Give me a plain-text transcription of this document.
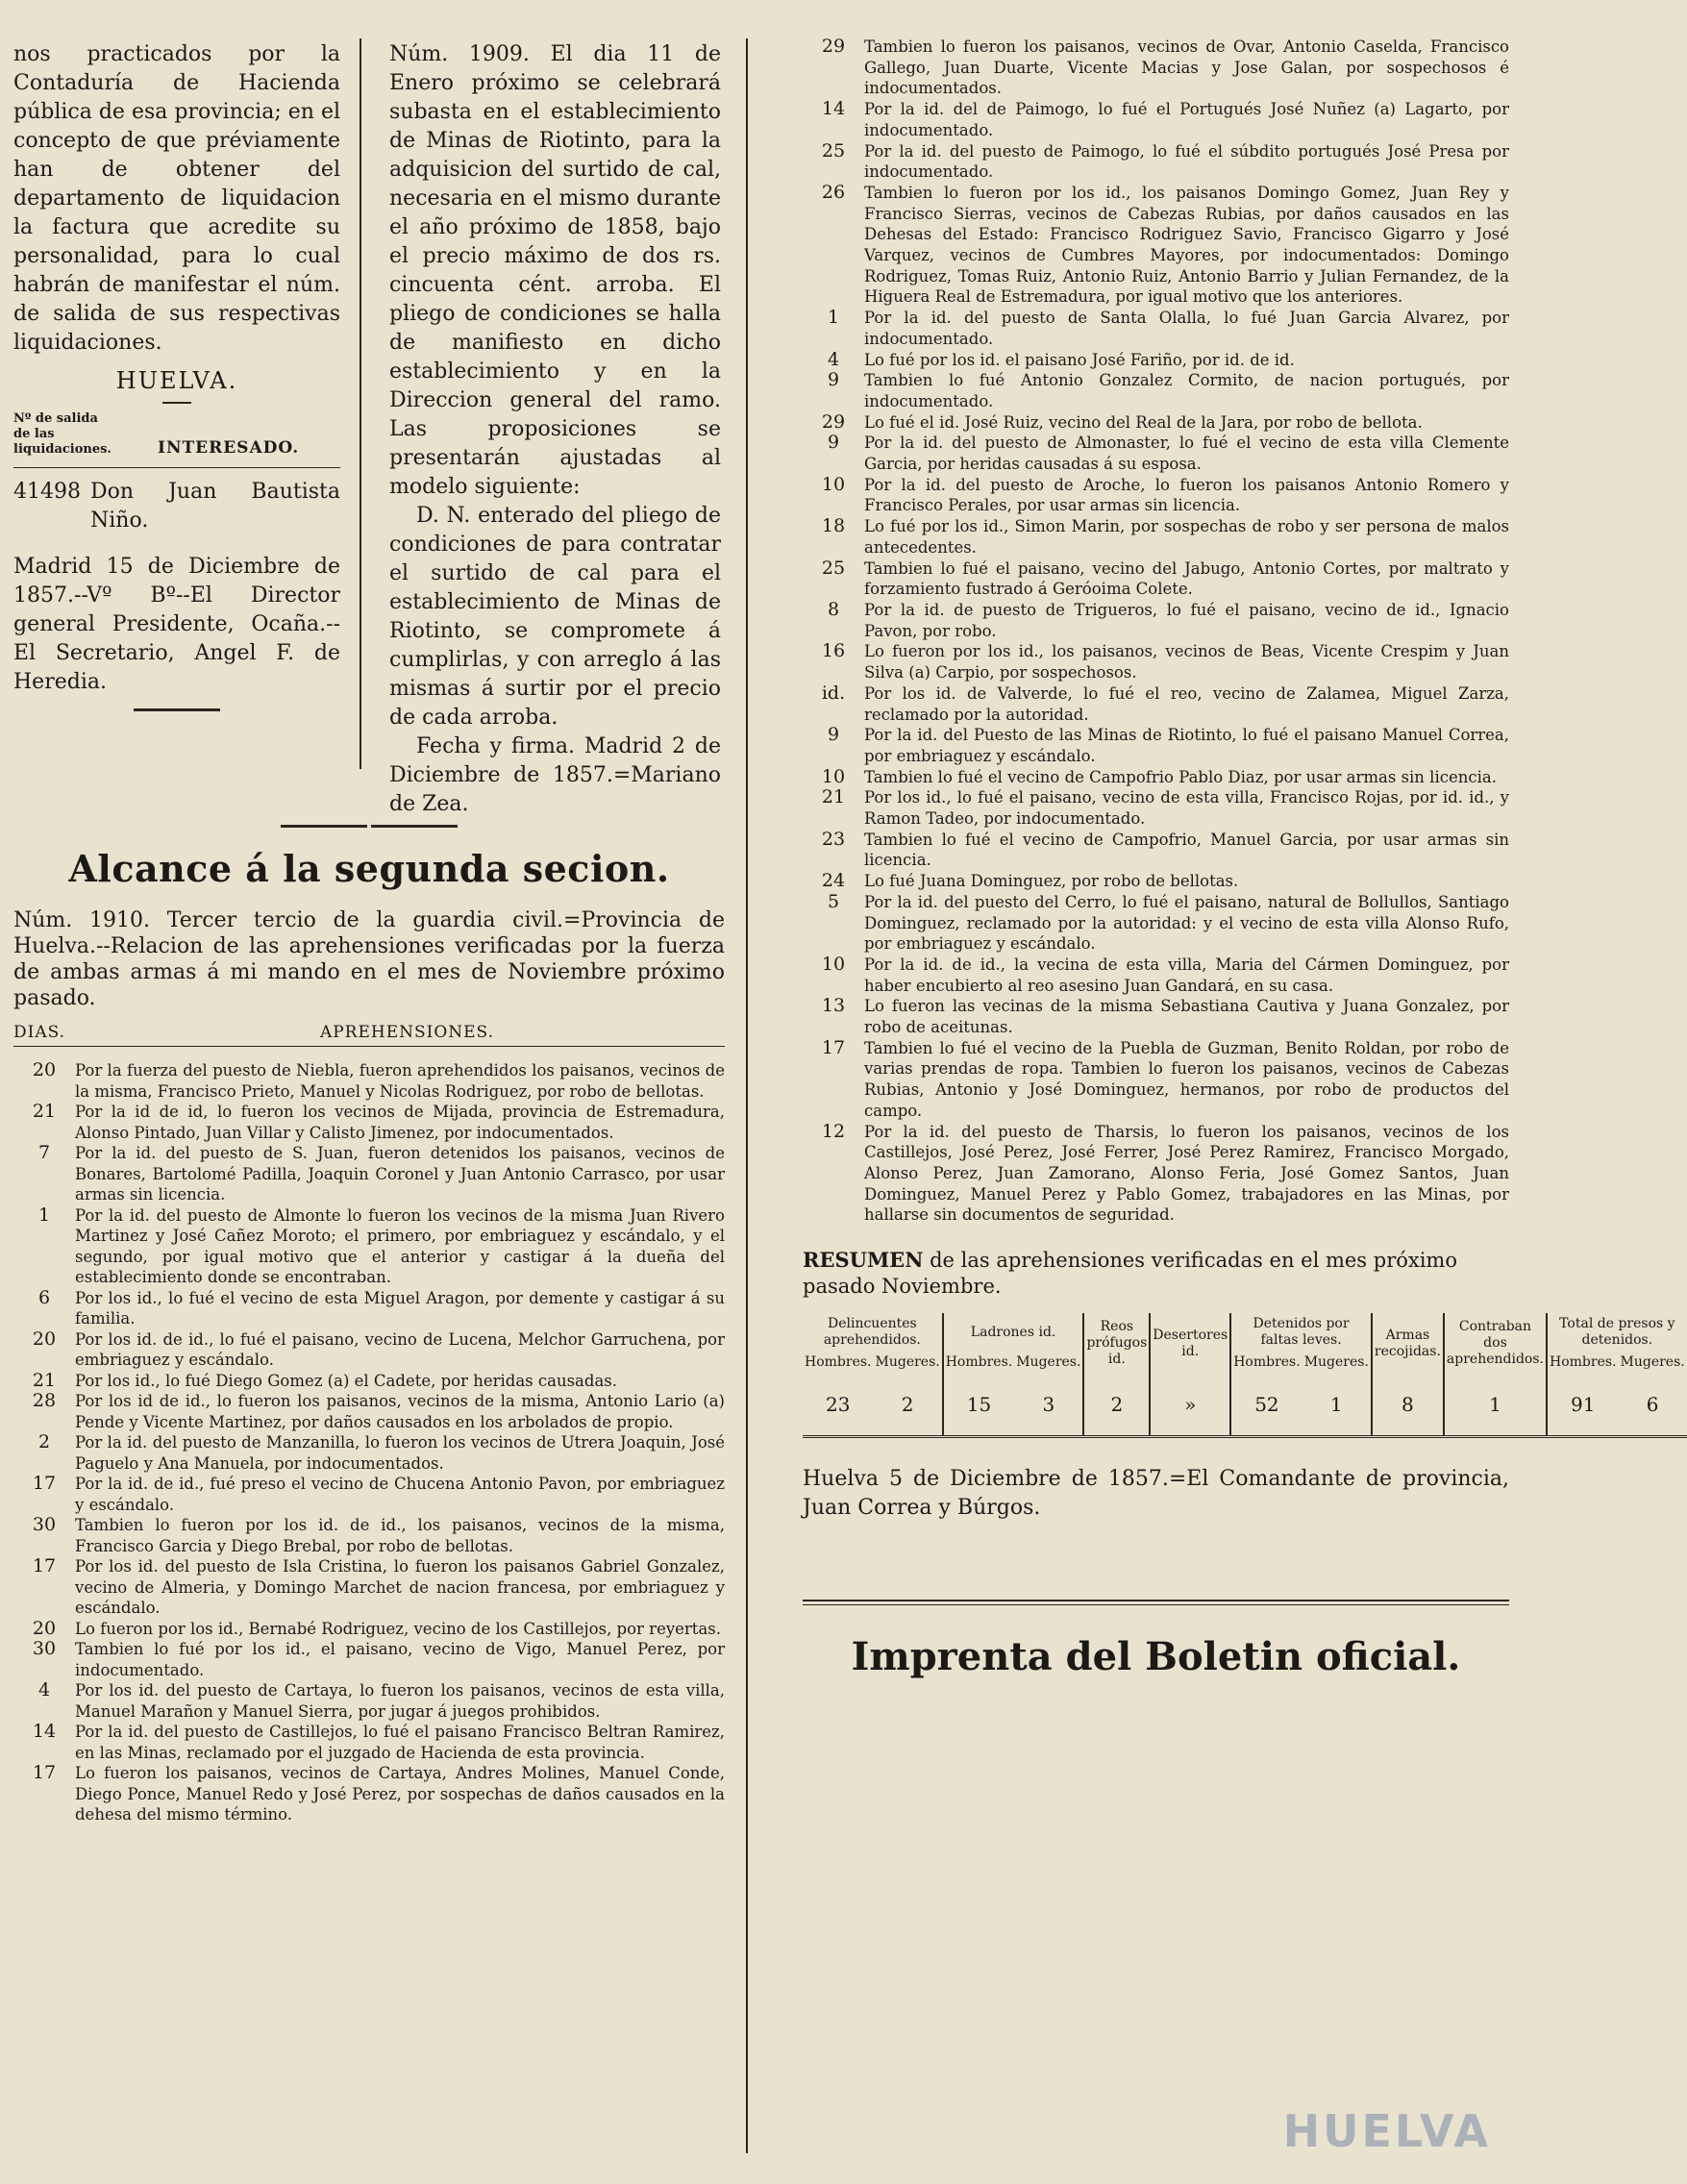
nos practicados por la Contaduría de Hacienda pública de esa provincia; en el concepto de que préviamente han de obtener del departamento de liquidacion la factura que acredite su personalidad, para lo cual habrán de manifestar el núm. de salida de sus respectivas liquidaciones.
HUELVA.
Nº de salida de las liquidaciones.	INTERESADO.
41498 Don Juan Bautista Niño.
Madrid 15 de Diciembre de 1857.--Vº Bº--El Director general Presidente, Ocaña.--El Secretario, Angel F. de Heredia.
Núm. 1909. El dia 11 de Enero próximo se celebrará subasta en el establecimiento de Minas de Riotinto, para la adquisicion del surtido de cal, necesaria en el mismo durante el año próximo de 1858, bajo el precio máximo de dos rs. cincuenta cént. arroba. El pliego de condiciones se halla de manifiesto en dicho establecimiento y en la Direccion general del ramo. Las proposiciones se presentarán ajustadas al modelo siguiente:
D. N. enterado del pliego de condiciones de para contratar el surtido de cal para el establecimiento de Minas de Riotinto, se compromete á cumplirlas, y con arreglo á las mismas á surtir por el precio de cada arroba.
Fecha y firma. Madrid 2 de Diciembre de 1857.=Mariano de Zea.
Alcance á la segunda secion.
Núm. 1910. Tercer tercio de la guardia civil.=Provincia de Huelva.--Relacion de las aprehensiones verificadas por la fuerza de ambas armas á mi mando en el mes de Noviembre próximo pasado.
DIAS.	APREHENSIONES.
20	Por la fuerza del puesto de Niebla, fueron aprehendidos los paisanos, vecinos de la misma, Francisco Prieto, Manuel y Nicolas Rodriguez, por robo de bellotas.
21	Por la id de id, lo fueron los vecinos de Mijada, provincia de Estremadura, Alonso Pintado, Juan Villar y Calisto Jimenez, por indocumentados.
7	Por la id. del puesto de S. Juan, fueron detenidos los paisanos, vecinos de Bonares, Bartolomé Padilla, Joaquin Coronel y Juan Antonio Carrasco, por usar armas sin licencia.
1	Por la id. del puesto de Almonte lo fueron los vecinos de la misma Juan Rivero Martinez y José Cañez Moroto; el primero, por embriaguez y escándalo, y el segundo, por igual motivo que el anterior y castigar á la dueña del establecimiento donde se encontraban.
6	Por los id., lo fué el vecino de esta Miguel Aragon, por demente y castigar á su familia.
20	Por los id. de id., lo fué el paisano, vecino de Lucena, Melchor Garruchena, por embriaguez y escándalo.
21	Por los id., lo fué Diego Gomez (a) el Cadete, por heridas causadas.
28	Por los id de id., lo fueron los paisanos, vecinos de la misma, Antonio Lario (a) Pende y Vicente Martinez, por daños causados en los arbolados de propio.
2	Por la id. del puesto de Manzanilla, lo fueron los vecinos de Utrera Joaquin, José Paguelo y Ana Manuela, por indocumentados.
17	Por la id. de id., fué preso el vecino de Chucena Antonio Pavon, por embriaguez y escándalo.
30	Tambien lo fueron por los id. de id., los paisanos, vecinos de la misma, Francisco Garcia y Diego Brebal, por robo de bellotas.
17	Por los id. del puesto de Isla Cristina, lo fueron los paisanos Gabriel Gonzalez, vecino de Almeria, y Domingo Marchet de nacion francesa, por embriaguez y escándalo.
20	Lo fueron por los id., Bernabé Rodriguez, vecino de los Castillejos, por reyertas.
30	Tambien lo fué por los id., el paisano, vecino de Vigo, Manuel Perez, por indocumentado.
4	Por los id. del puesto de Cartaya, lo fueron los paisanos, vecinos de esta villa, Manuel Marañon y Manuel Sierra, por jugar á juegos prohibidos.
14	Por la id. del puesto de Castillejos, lo fué el paisano Francisco Beltran Ramirez, en las Minas, reclamado por el juzgado de Hacienda de esta provincia.
17	Lo fueron los paisanos, vecinos de Cartaya, Andres Molines, Manuel Conde, Diego Ponce, Manuel Redo y José Perez, por sospechas de daños causados en la dehesa del mismo término.
29	Tambien lo fueron los paisanos, vecinos de Ovar, Antonio Caselda, Francisco Gallego, Juan Duarte, Vicente Macias y Jose Galan, por sospechosos é indocumentados.
14	Por la id. del de Paimogo, lo fué el Portugués José Nuñez (a) Lagarto, por indocumentado.
25	Por la id. del puesto de Paimogo, lo fué el súbdito portugués José Presa por indocumentado.
26	Tambien lo fueron por los id., los paisanos Domingo Gomez, Juan Rey y Francisco Sierras, vecinos de Cabezas Rubias, por daños causados en las Dehesas del Estado: Francisco Rodriguez Savio, Francisco Gigarro y José Varquez, vecinos de Cumbres Mayores, por indocumentados: Domingo Rodriguez, Tomas Ruiz, Antonio Ruiz, Antonio Barrio y Julian Fernandez, de la Higuera Real de Estremadura, por igual motivo que los anteriores.
1	Por la id. del puesto de Santa Olalla, lo fué Juan Garcia Alvarez, por indocumentado.
4	Lo fué por los id. el paisano José Fariño, por id. de id.
9	Tambien lo fué Antonio Gonzalez Cormito, de nacion portugués, por indocumentado.
29	Lo fué el id. José Ruiz, vecino del Real de la Jara, por robo de bellota.
9	Por la id. del puesto de Almonaster, lo fué el vecino de esta villa Clemente Garcia, por heridas causadas á su esposa.
10	Por la id. del puesto de Aroche, lo fueron los paisanos Antonio Romero y Francisco Perales, por usar armas sin licencia.
18	Lo fué por los id., Simon Marin, por sospechas de robo y ser persona de malos antecedentes.
25	Tambien lo fué el paisano, vecino del Jabugo, Antonio Cortes, por maltrato y forzamiento fustrado á Geróoima Colete.
8	Por la id. de puesto de Trigueros, lo fué el paisano, vecino de id., Ignacio Pavon, por robo.
16	Lo fueron por los id., los paisanos, vecinos de Beas, Vicente Crespim y Juan Silva (a) Carpio, por sospechosos.
id.	Por los id. de Valverde, lo fué el reo, vecino de Zalamea, Miguel Zarza, reclamado por la autoridad.
9	Por la id. del Puesto de las Minas de Riotinto, lo fué el paisano Manuel Correa, por embriaguez y escándalo.
10	Tambien lo fué el vecino de Campofrio Pablo Diaz, por usar armas sin licencia.
21	Por los id., lo fué el paisano, vecino de esta villa, Francisco Rojas, por id. id., y Ramon Tadeo, por indocumentado.
23	Tambien lo fué el vecino de Campofrio, Manuel Garcia, por usar armas sin licencia.
24	Lo fué Juana Dominguez, por robo de bellotas.
5	Por la id. del puesto del Cerro, lo fué el paisano, natural de Bollullos, Santiago Dominguez, reclamado por la autoridad: y el vecino de esta villa Alonso Rufo, por embriaguez y escándalo.
10	Por la id. de id., la vecina de esta villa, Maria del Cármen Dominguez, por haber encubierto al reo asesino Juan Gandará, en su casa.
13	Lo fueron las vecinas de la misma Sebastiana Cautiva y Juana Gonzalez, por robo de aceitunas.
17	Tambien lo fué el vecino de la Puebla de Guzman, Benito Roldan, por robo de varias prendas de ropa. Tambien lo fueron los paisanos, vecinos de Cabezas Rubias, Antonio y José Dominguez, hermanos, por robo de productos del campo.
12	Por la id. del puesto de Tharsis, lo fueron los paisanos, vecinos de los Castillejos, José Perez, José Ferrer, José Perez Ramirez, Francisco Morgado, Alonso Perez, Juan Zamorano, Alonso Feria, José Gomez Santos, Juan Dominguez, Manuel Perez y Pablo Gomez, trabajadores en las Minas, por hallarse sin documentos de seguridad.
RESUMEN de las aprehensiones verificadas en el mes próximo pasado Noviembre.
Delincuentes aprehendidos.		Ladrones id.		Reos prófugos id.	Desertores id.	Detenidos por faltas leves.		Armas recojidas.	Contraban dos aprehendidos.	Total de presos y detenidos.	
Hombres.	Mugeres.	Hombres.	Mugeres.			Hombres.	Mugeres.			Hombres.	Mugeres.
23	2	15	3	2	»	52	1	8	1	91	6
Huelva 5 de Diciembre de 1857.=El Comandante de provincia, Juan Correa y Búrgos.
Imprenta del Boletin oficial.
HUELVA
